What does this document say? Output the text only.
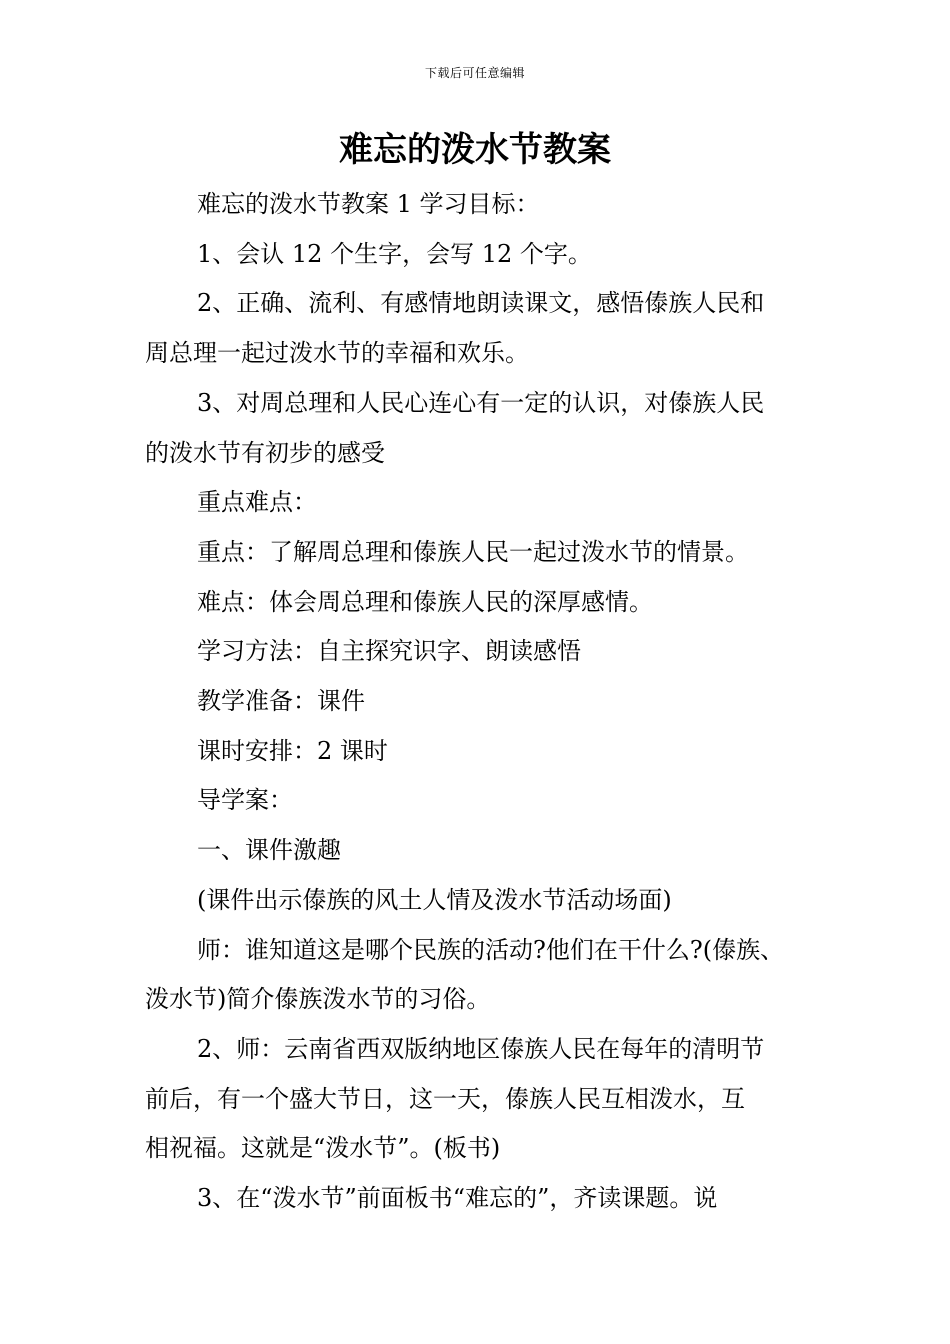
下载后可任意编辑
难忘的泼水节教案

难忘的泼水节教案 1 学习目标：

1、会认 12 个生字，会写 12 个字。

2、正确、流利、有感情地朗读课文，感悟傣族人民和

周总理一起过泼水节的幸福和欢乐。

3、对周总理和人民心连心有一定的认识，对傣族人民

的泼水节有初步的感受

重点难点：

重点：了解周总理和傣族人民一起过泼水节的情景。

难点：体会周总理和傣族人民的深厚感情。

学习方法：自主探究识字、朗读感悟

教学准备：课件

课时安排：2 课时

导学案：

一、课件激趣

(课件出示傣族的风土人情及泼水节活动场面)

师：谁知道这是哪个民族的活动?他们在干什么?(傣族、

泼水节)简介傣族泼水节的习俗。

2、师：云南省西双版纳地区傣族人民在每年的清明节

前后，有一个盛大节日，这一天，傣族人民互相泼水，互

相祝福。这就是“泼水节”。(板书)

3、在“泼水节”前面板书“难忘的”，齐读课题。说
